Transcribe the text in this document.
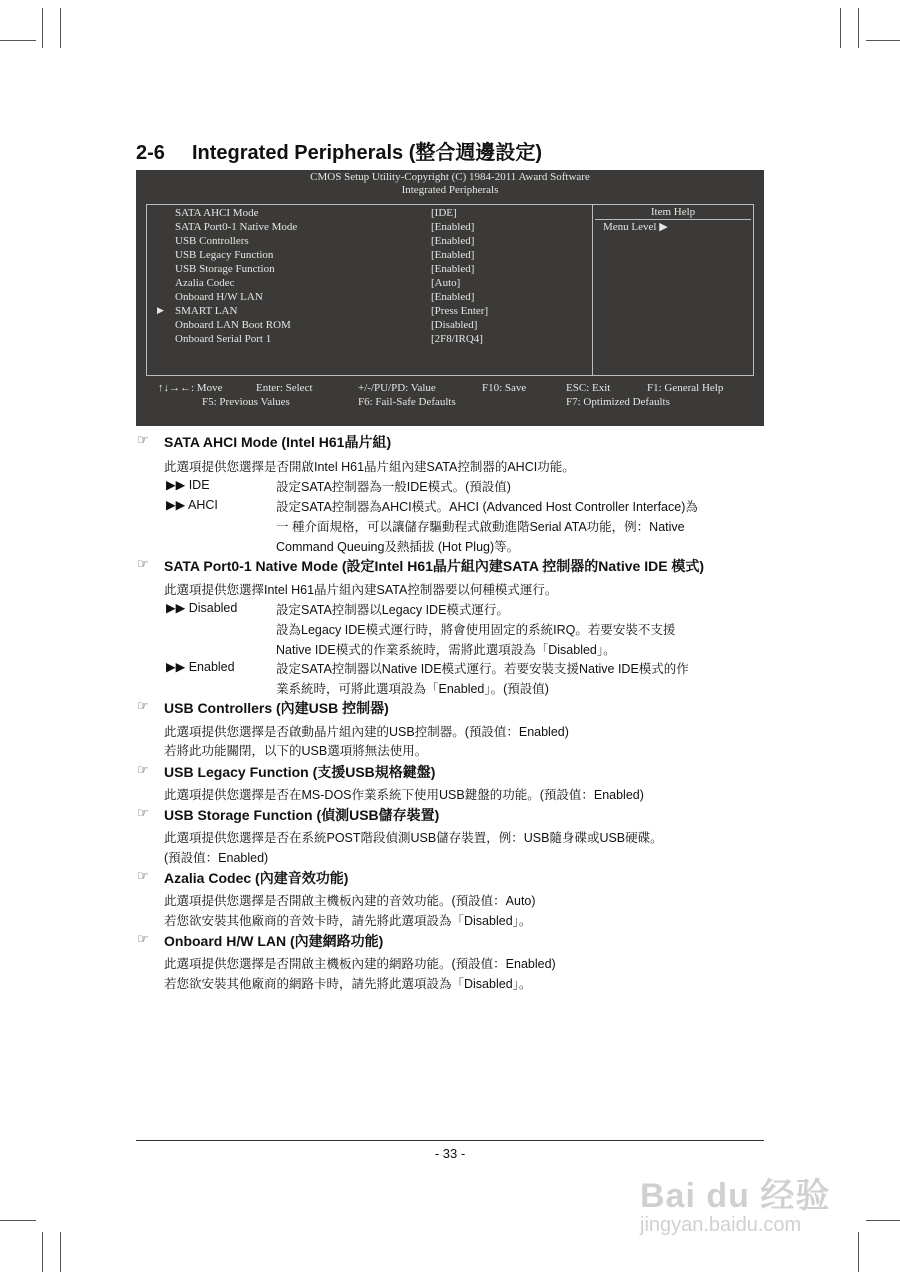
2-6 Integrated Peripherals (整合週邊設定)
CMOS Setup Utility-Copyright (C) 1984-2011 Award Software
Integrated Peripherals
SATA AHCI Mode	[IDE]
SATA Port0-1 Native Mode	[Enabled]
USB Controllers	[Enabled]
USB Legacy Function	[Enabled]
USB Storage Function	[Enabled]
Azalia Codec	[Auto]
Onboard H/W LAN	[Enabled]
▶ SMART LAN	[Press Enter]
Onboard LAN Boot ROM	[Disabled]
Onboard Serial Port 1	[2F8/IRQ4]
Item Help
Menu Level ▶
↑↓→←: Move	Enter: Select	+/-/PU/PD: Value	F10: Save	ESC: Exit	F1: General Help
F5: Previous Values	F6: Fail-Safe Defaults	F7: Optimized Defaults
☞ SATA AHCI Mode (Intel H61晶片組)
此選項提供您選擇是否開啟Intel H61晶片組內建SATA控制器的AHCI功能。
▶▶ IDE	設定SATA控制器為一般IDE模式。(預設值)
▶▶ AHCI	設定SATA控制器為AHCI模式。AHCI (Advanced Host Controller Interface)為
一 種介面規格，可以讓儲存驅動程式啟動進階Serial ATA功能，例：Native
Command Queuing及熱插拔 (Hot Plug)等。
☞ SATA Port0-1 Native Mode (設定Intel H61晶片組內建SATA 控制器的Native IDE 模式)
此選項提供您選擇Intel H61晶片組內建SATA控制器要以何種模式運行。
▶▶ Disabled	設定SATA控制器以Legacy IDE模式運行。
設為Legacy IDE模式運行時，將會使用固定的系統IRQ。若要安裝不支援
Native IDE模式的作業系統時，需將此選項設為「Disabled」。
▶▶ Enabled	設定SATA控制器以Native IDE模式運行。若要安裝支援Native IDE模式的作
業系統時，可將此選項設為「Enabled」。(預設值)
☞ USB Controllers (內建USB 控制器)
此選項提供您選擇是否啟動晶片組內建的USB控制器。(預設值：Enabled)
若將此功能關閉，以下的USB選項將無法使用。
☞ USB Legacy Function (支援USB規格鍵盤)
此選項提供您選擇是否在MS-DOS作業系統下使用USB鍵盤的功能。(預設值：Enabled)
☞ USB Storage Function (偵測USB儲存裝置)
此選項提供您選擇是否在系統POST階段偵測USB儲存裝置，例：USB隨身碟或USB硬碟。
(預設值：Enabled)
☞ Azalia Codec (內建音效功能)
此選項提供您選擇是否開啟主機板內建的音效功能。(預設值：Auto)
若您欲安裝其他廠商的音效卡時，請先將此選項設為「Disabled」。
☞ Onboard H/W LAN (內建網路功能)
此選項提供您選擇是否開啟主機板內建的網路功能。(預設值：Enabled)
若您欲安裝其他廠商的網路卡時，請先將此選項設為「Disabled」。
- 33 -
Bai du 经验
jingyan.baidu.com
